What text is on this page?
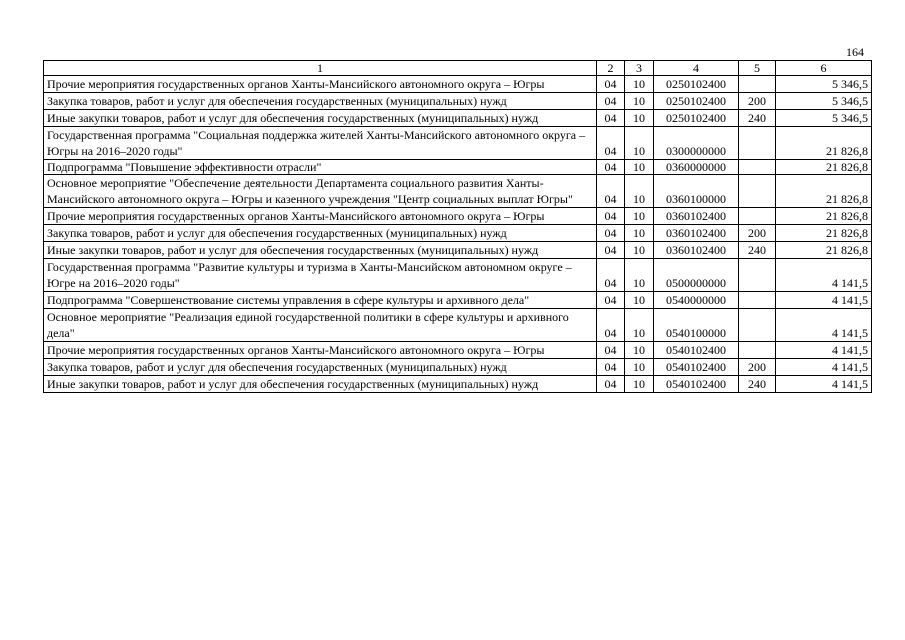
164
1	2	3	4	5	6
Прочие мероприятия государственных органов Ханты-Мансийского автономного округа – Югры	04	10	0250102400		5 346,5
Закупка товаров, работ и услуг для обеспечения государственных (муниципальных) нужд	04	10	0250102400	200	5 346,5
Иные закупки товаров, работ и услуг для обеспечения государственных (муниципальных) нужд	04	10	0250102400	240	5 346,5
Государственная программа "Социальная поддержка жителей Ханты-Мансийского автономного округа – Югры на 2016–2020 годы"	04	10	0300000000		21 826,8
Подпрограмма "Повышение эффективности отрасли"	04	10	0360000000		21 826,8
Основное мероприятие "Обеспечение деятельности Департамента социального развития Ханты-Мансийского автономного округа – Югры и казенного учреждения "Центр социальных выплат Югры"	04	10	0360100000		21 826,8
Прочие мероприятия государственных органов Ханты-Мансийского автономного округа – Югры	04	10	0360102400		21 826,8
Закупка товаров, работ и услуг для обеспечения государственных (муниципальных) нужд	04	10	0360102400	200	21 826,8
Иные закупки товаров, работ и услуг для обеспечения государственных (муниципальных) нужд	04	10	0360102400	240	21 826,8
Государственная программа "Развитие культуры и туризма в Ханты-Мансийском автономном округе – Югре на 2016–2020 годы"	04	10	0500000000		4 141,5
Подпрограмма "Совершенствование системы управления в сфере культуры и архивного дела"	04	10	0540000000		4 141,5
Основное мероприятие "Реализация единой государственной политики в сфере культуры и архивного дела"	04	10	0540100000		4 141,5
Прочие мероприятия государственных органов Ханты-Мансийского автономного округа – Югры	04	10	0540102400		4 141,5
Закупка товаров, работ и услуг для обеспечения государственных (муниципальных) нужд	04	10	0540102400	200	4 141,5
Иные закупки товаров, работ и услуг для обеспечения государственных (муниципальных) нужд	04	10	0540102400	240	4 141,5
